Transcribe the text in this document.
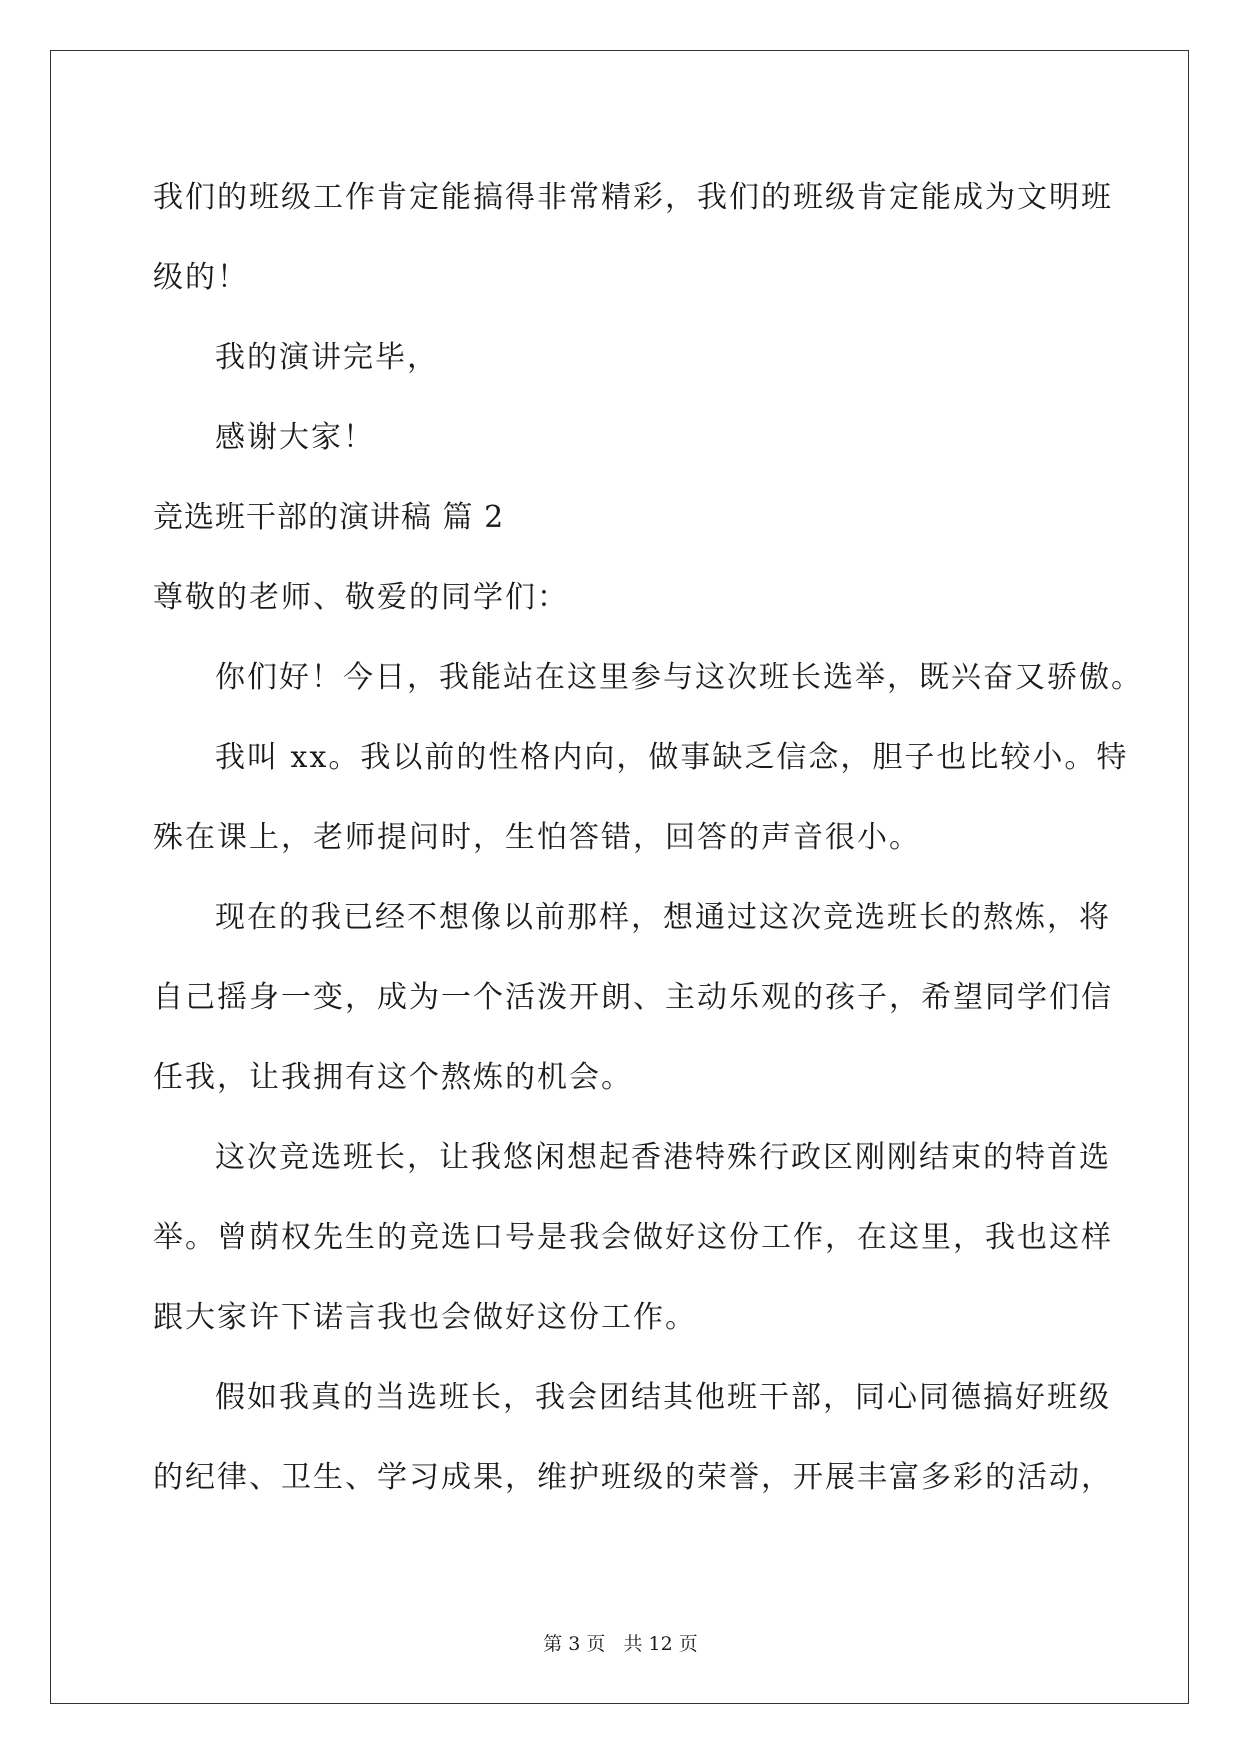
我们的班级工作肯定能搞得非常精彩，我们的班级肯定能成为文明班
级的！
我的演讲完毕，
感谢大家！
竞选班干部的演讲稿 篇 2
尊敬的老师、敬爱的同学们：
你们好！今日，我能站在这里参与这次班长选举，既兴奋又骄傲。
我叫 xx。我以前的性格内向，做事缺乏信念，胆子也比较小。特
殊在课上，老师提问时，生怕答错，回答的声音很小。
现在的我已经不想像以前那样，想通过这次竞选班长的熬炼，将
自己摇身一变，成为一个活泼开朗、主动乐观的孩子，希望同学们信
任我，让我拥有这个熬炼的机会。
这次竞选班长，让我悠闲想起香港特殊行政区刚刚结束的特首选
举。曾荫权先生的竞选口号是我会做好这份工作，在这里，我也这样
跟大家许下诺言我也会做好这份工作。
假如我真的当选班长，我会团结其他班干部，同心同德搞好班级
的纪律、卫生、学习成果，维护班级的荣誉，开展丰富多彩的活动，
第 3 页 共 12 页
